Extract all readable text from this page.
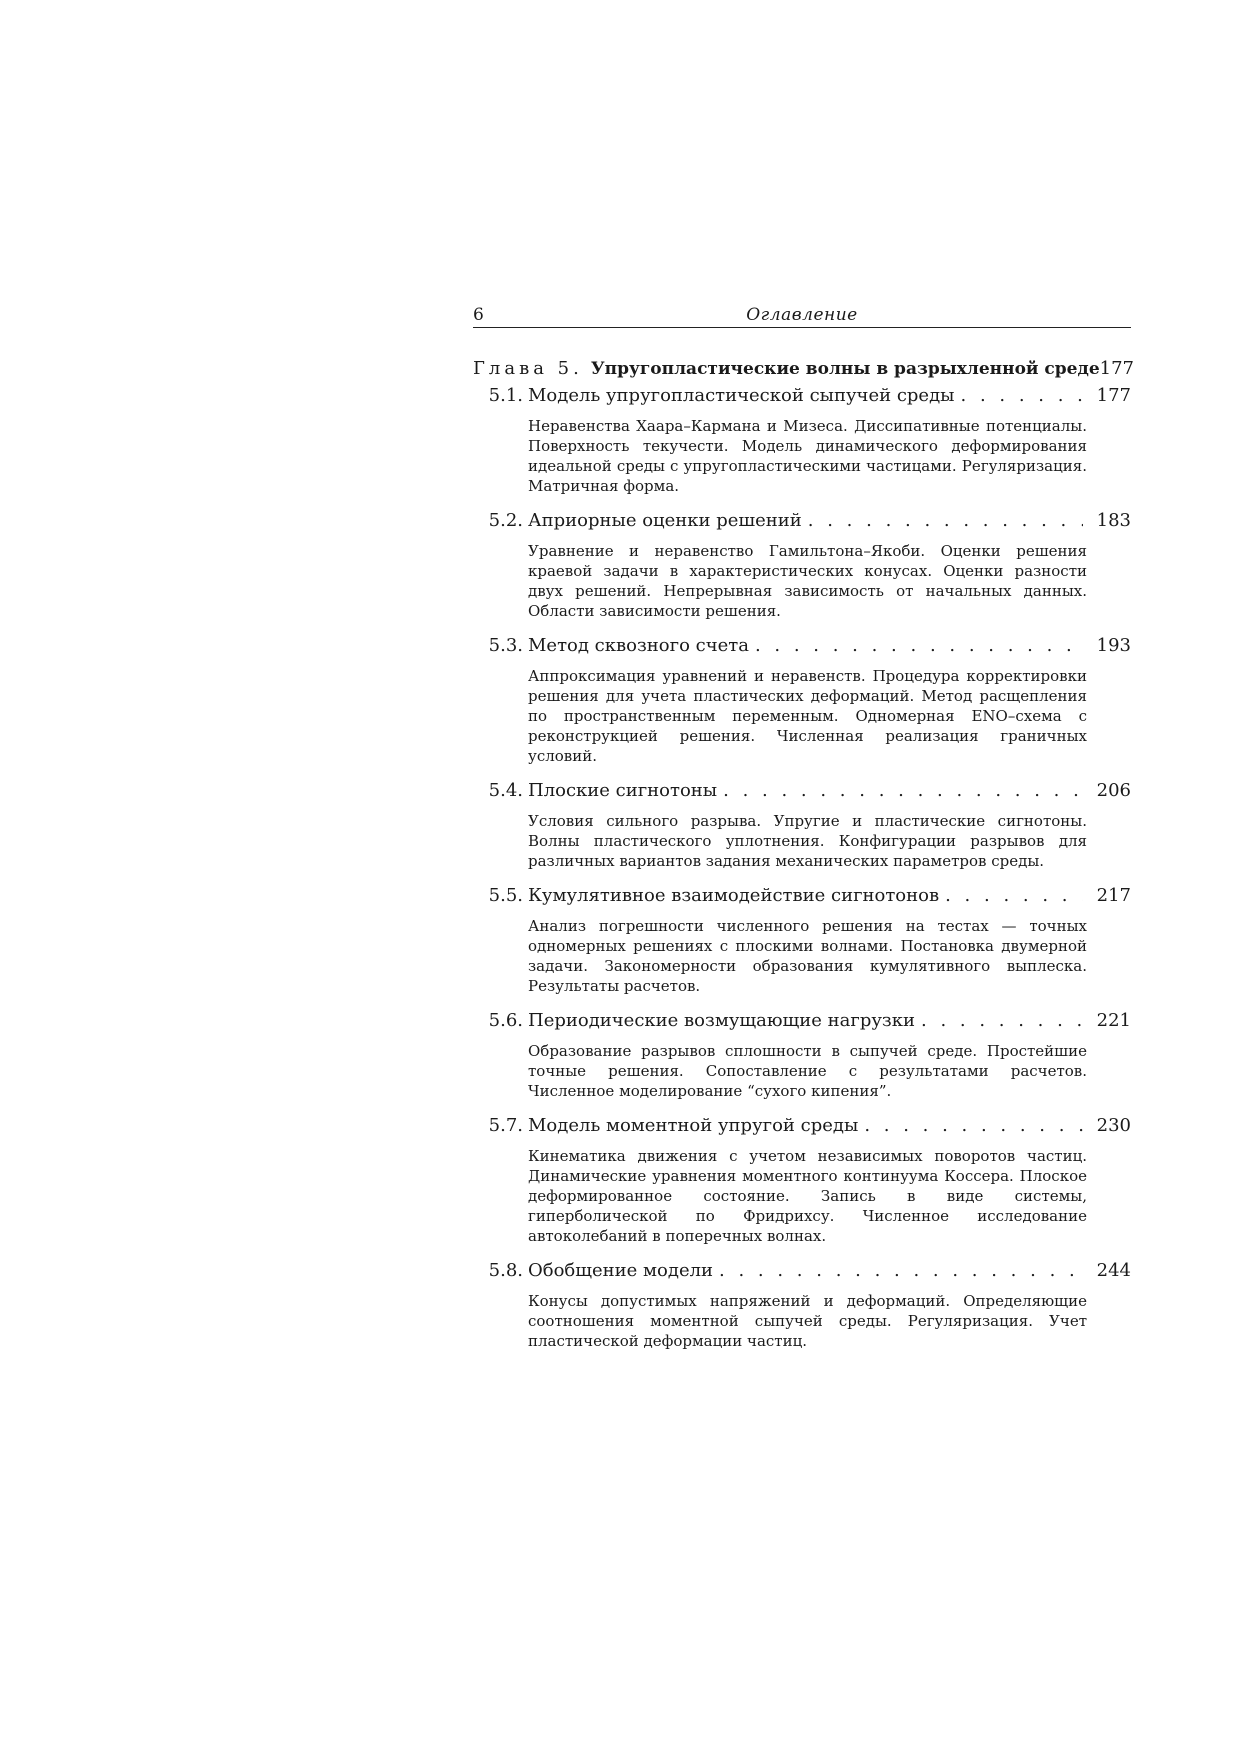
6	Оглавление
Глава 5. Упругопластические волны в разрыхленной среде 177
5.1. Модель упругопластической сыпучей среды . . .	177
Неравенства Хаара–Кармана и Мизеса. Диссипативные потенциалы. Поверхность текучести. Модель динамического деформирования идеальной среды с упругопластическими частицами. Регуляризация. Матричная форма.
5.2. Априорные оценки решений . . .	183
Уравнение и неравенство Гамильтона–Якоби. Оценки решения краевой задачи в характеристических конусах. Оценки разности двух решений. Непрерывная зависимость от начальных данных. Области зависимости решения.
5.3. Метод сквозного счета . . .	193
Аппроксимация уравнений и неравенств. Процедура корректировки решения для учета пластических деформаций. Метод расщепления по пространственным переменным. Одномерная ENO–схема с реконструкцией решения. Численная реализация граничных условий.
5.4. Плоские сигнотоны . . .	206
Условия сильного разрыва. Упругие и пластические сигнотоны. Волны пластического уплотнения. Конфигурации разрывов для различных вариантов задания механических параметров среды.
5.5. Кумулятивное взаимодействие сигнотонов . . .	217
Анализ погрешности численного решения на тестах — точных одномерных решениях с плоскими волнами. Постановка двумерной задачи. Закономерности образования кумулятивного выплеска. Результаты расчетов.
5.6. Периодические возмущающие нагрузки . . .	221
Образование разрывов сплошности в сыпучей среде. Простейшие точные решения. Сопоставление с результатами расчетов. Численное моделирование “сухого кипения”.
5.7. Модель моментной упругой среды . . .	230
Кинематика движения с учетом независимых поворотов частиц. Динамические уравнения моментного континуума Коссера. Плоское деформированное состояние. Запись в виде системы, гиперболической по Фридрихсу. Численное исследование автоколебаний в поперечных волнах.
5.8. Обобщение модели . . .	244
Конусы допустимых напряжений и деформаций. Определяющие соотношения моментной сыпучей среды. Регуляризация. Учет пластической деформации частиц.
